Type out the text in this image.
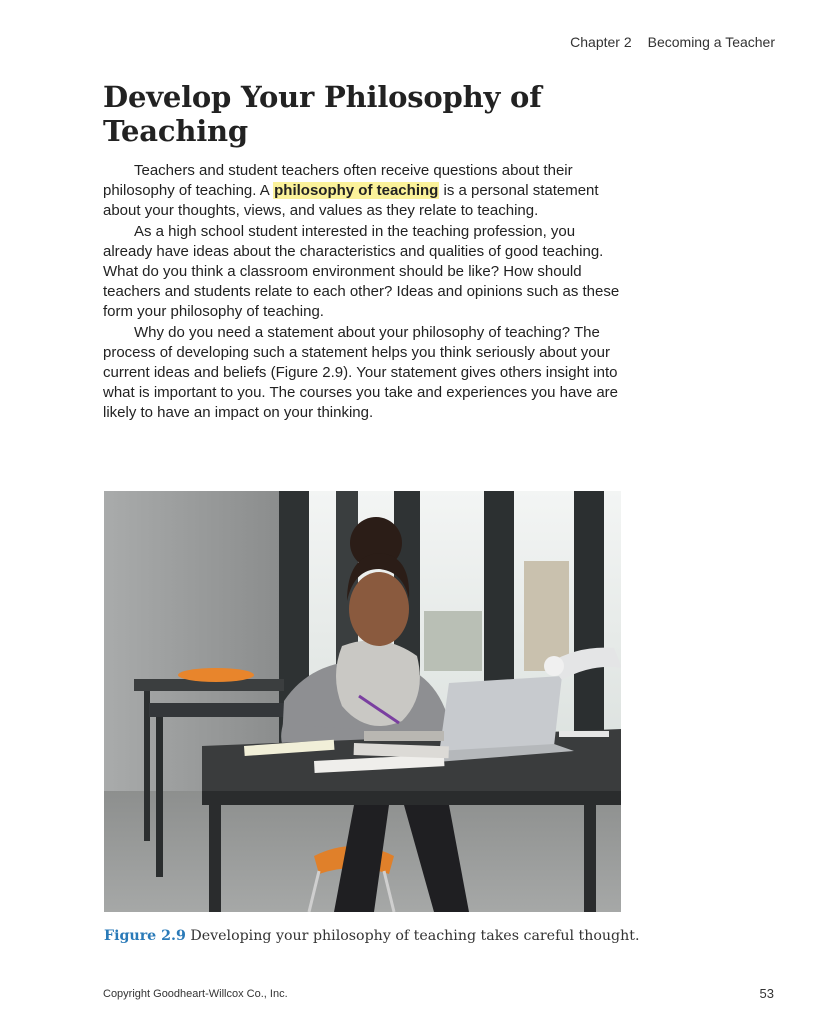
Chapter 2 Becoming a Teacher
Develop Your Philosophy of Teaching

Teachers and student teachers often receive questions about their philosophy of teaching. A philosophy of teaching is a personal statement about your thoughts, views, and values as they relate to teaching.

As a high school student interested in the teaching profession, you already have ideas about the characteristics and qualities of good teaching. What do you think a classroom environment should be like? How should teachers and students relate to each other? Ideas and opinions such as these form your philosophy of teaching.

Why do you need a statement about your philosophy of teaching? The process of developing such a statement helps you think seriously about your current ideas and beliefs (Figure 2.9). Your statement gives others insight into what is important to you. The courses you take and experiences you have are likely to have an impact on your thinking.

Figure 2.9 Developing your philosophy of teaching takes careful thought.
Copyright Goodheart-Willcox Co., Inc.	53
